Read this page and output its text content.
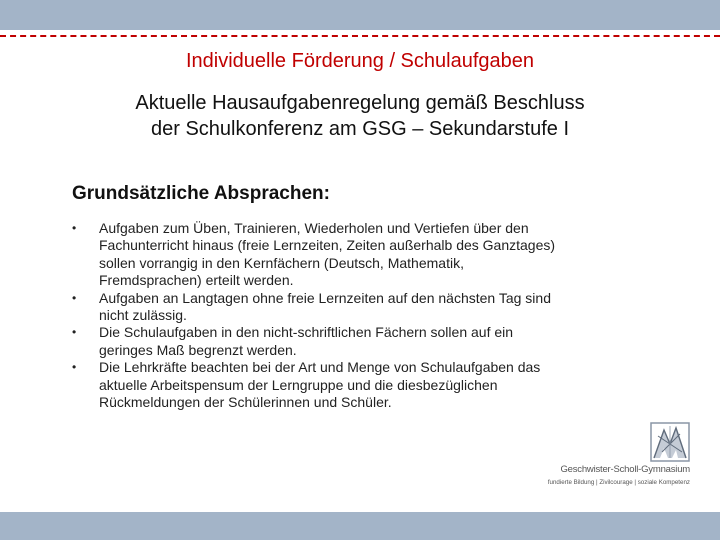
Individuelle Förderung / Schulaufgaben
Aktuelle Hausaufgabenregelung gemäß Beschluss
der Schulkonferenz am GSG – Sekundarstufe I
Grundsätzliche Absprachen:
•	Aufgaben zum Üben, Trainieren, Wiederholen und Vertiefen über den
Fachunterricht hinaus (freie Lernzeiten, Zeiten außerhalb des Ganztages)
sollen vorrangig in den Kernfächern (Deutsch, Mathematik,
Fremdsprachen) erteilt werden.
•	Aufgaben an Langtagen ohne freie Lernzeiten auf den nächsten Tag sind
nicht zulässig.
•	Die Schulaufgaben in den nicht-schriftlichen Fächern sollen auf ein
geringes Maß begrenzt werden.
•	Die Lehrkräfte beachten bei der Art und Menge von Schulaufgaben das
aktuelle Arbeitspensum der Lerngruppe und die diesbezüglichen
Rückmeldungen der Schülerinnen und Schüler.
Geschwister-Scholl-Gymnasium
fundierte Bildung | Zivilcourage | soziale Kompetenz
